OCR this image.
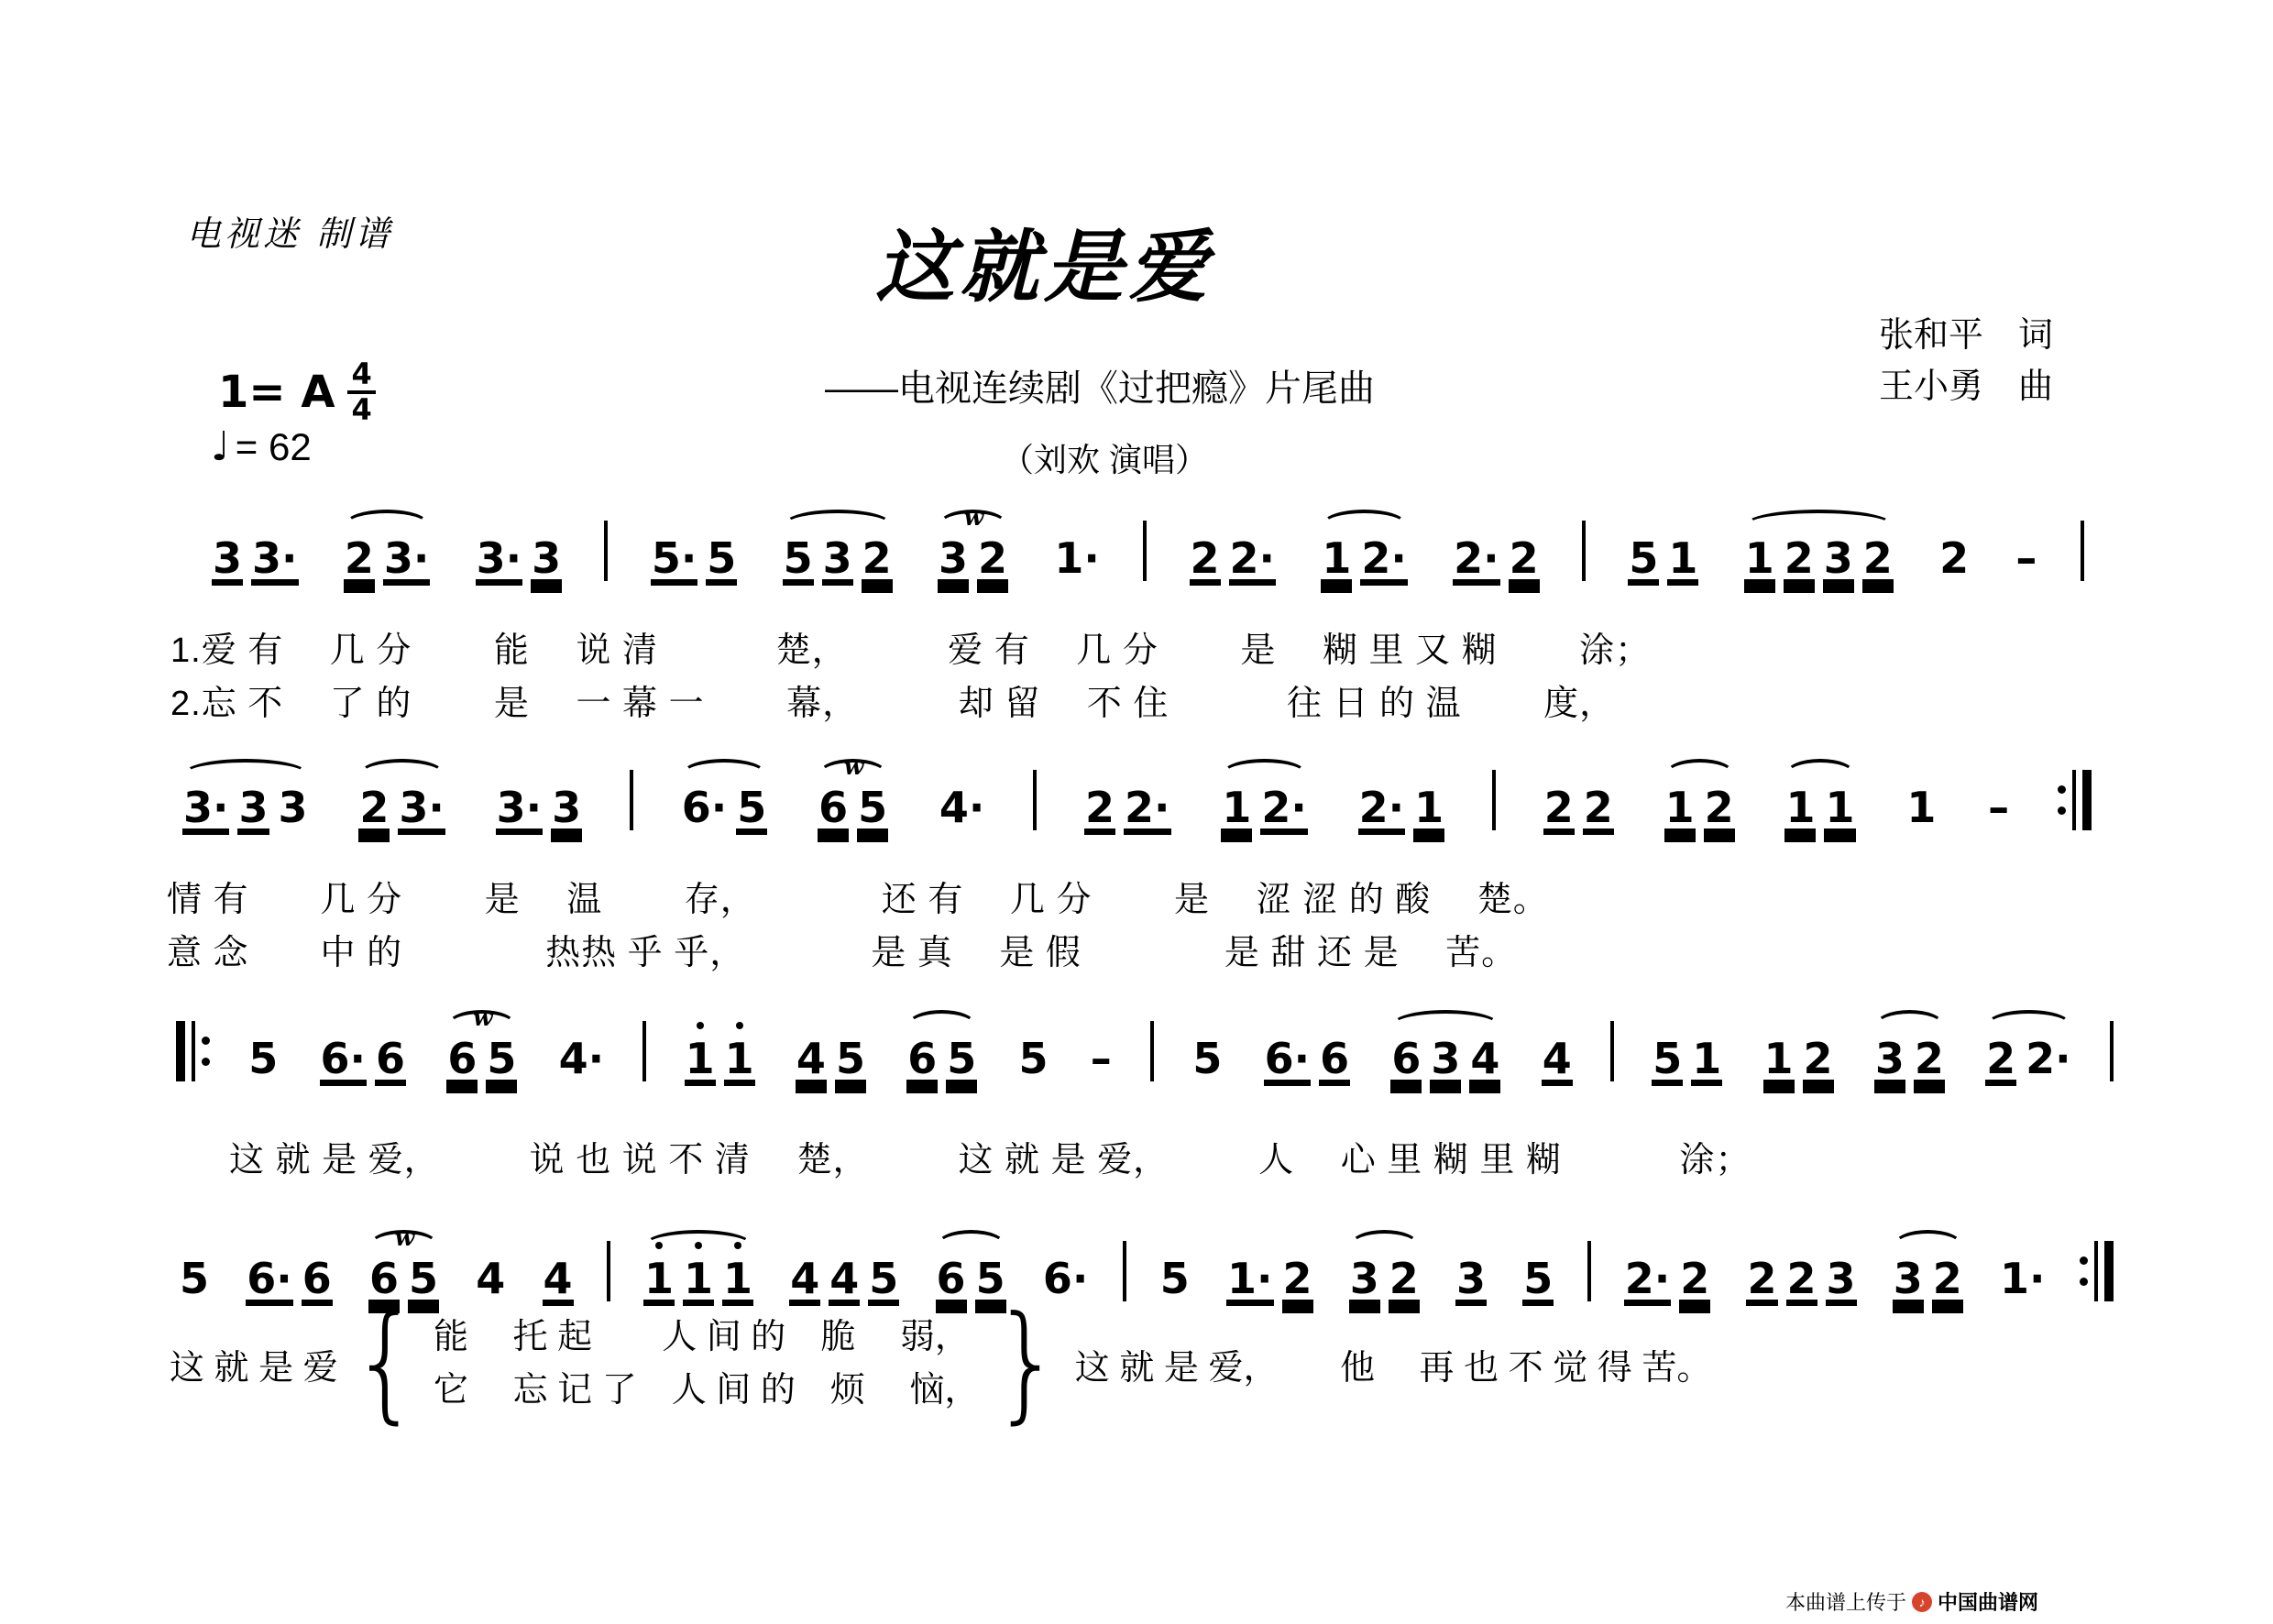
电视迷 制谱	这就是爱
——电视连续剧《过把瘾》片尾曲
张和平　词
王小勇　曲
（刘欢 演唱）
1= A $\frac{4}{4}$
♩ = 62
3 3· 2 3· 3· 3 5· 5 5 3 2
w
3 2 1· 2 2· 1 2· 2· 2 5 1 1 2 3 2 2 –
1.爱 有　 几 分　　 能　 说 清　　　 楚，　　　 爱 有　 几 分　　 是　 糊 里 又 糊　　 涂；
2.忘 不　 了 的　　 是　 一 幕 一　　 幕，　　　 却 留　 不 住　　　 往 日 的 温　　 度，
3· 3 3 2 3· 3· 3 6· 5
w
6 5 4· 2 2· 1 2· 2· 1 2 2 1 2 1 1 1 –
情 有　　几 分　　 是　 温　　 存，　　　　还 有　 几 分　　 是　 涩 涩 的 酸　 楚。
意 念　　中 的　　　　热热 乎 乎，　　　　是 真　 是 假　　　　是 甜 还 是　 苦。
5 6· 6
w
6 5 4· 1 1 4 5 6 5 5 – 5 6· 6 6 3 4 4 5 1 1 2 3 2 2 2·
这 就 是 爱，　　　说 也 说 不 清　 楚，　　　这 就 是 爱，　　　人　 心 里 糊 里 糊　　　 涂；
5 6· 6
w
6 5 4 4 1 1 1 4 4 5 6 5 6· 5 1· 2 3 2 3 5 2· 2 2 2 3 3 2 1·
这 就 是 爱 { 能　 托 起　　人 间 的　脆　 弱，
它　 忘 记 了　人 间 的　烦　 恼， } 这 就 是 爱，　　 他　 再 也 不 觉 得 苦。
本曲谱上传于 ♪ 中国曲谱网
